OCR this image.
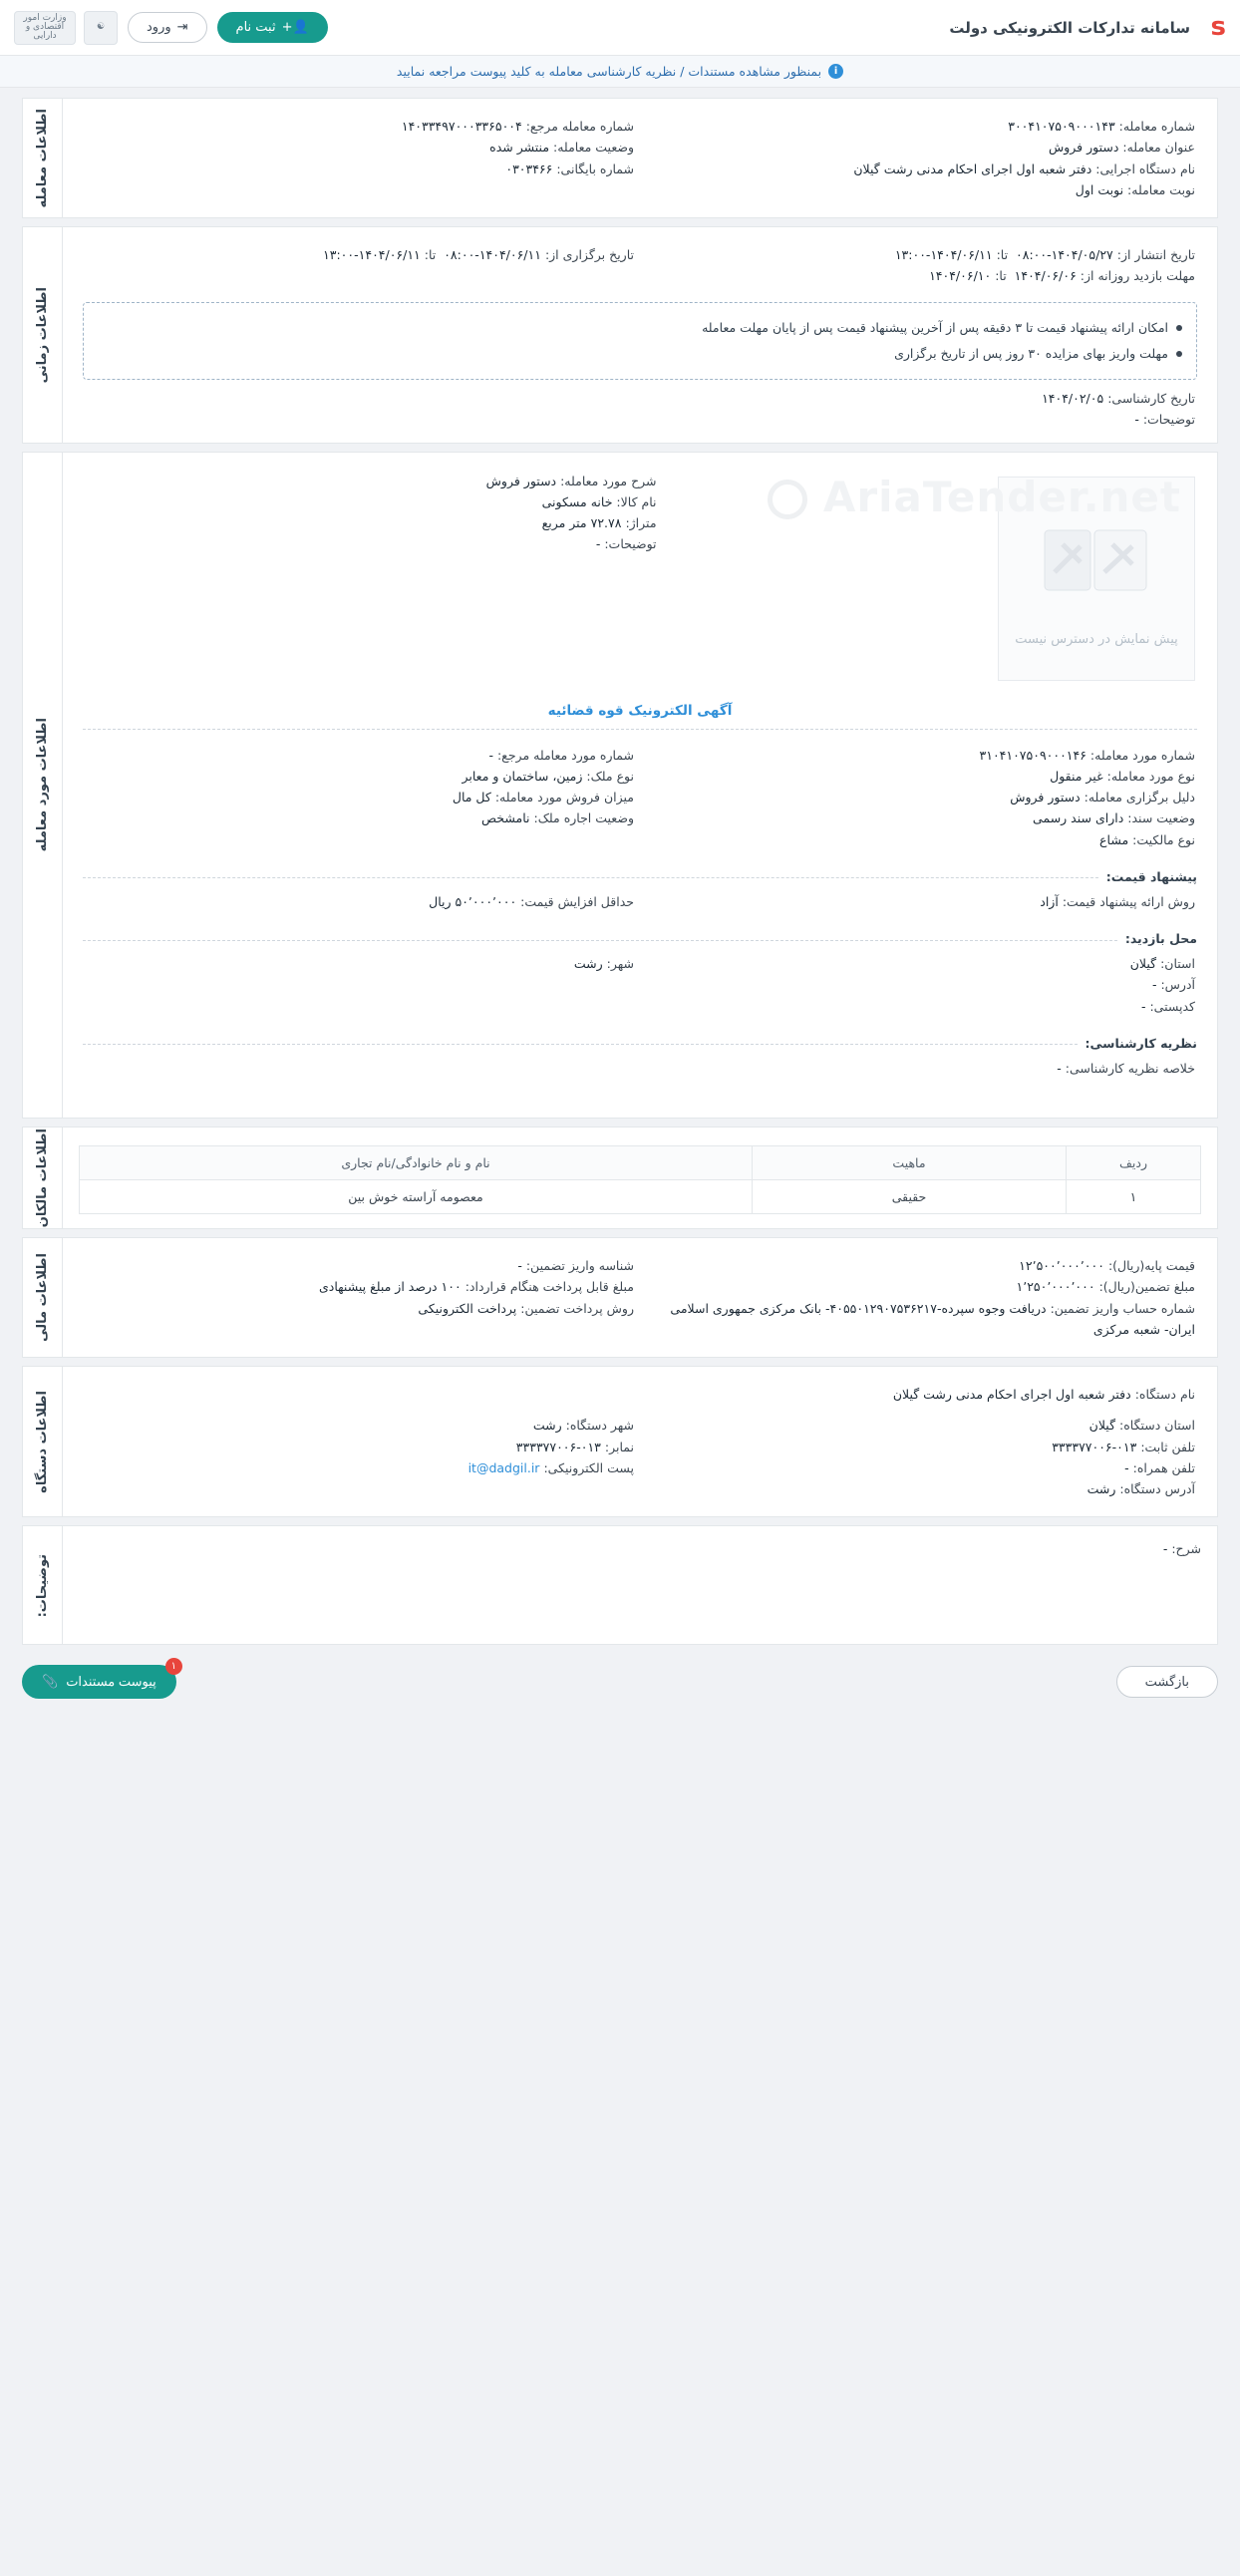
s
سامانه تدارکات الکترونیکی دولت
👤+
ثبت نام
⇥
ورود
☯
وزارت امور اقتصادی و دارایی
i
بمنظور مشاهده مستندات / نظریه کارشناسی معامله به کلید پیوست مراجعه نمایید
شماره معامله: ۳۰۰۴۱۰۷۵۰۹۰۰۰۱۴۳
عنوان معامله: دستور فروش
نام دستگاه اجرایی: دفتر شعبه اول اجرای احکام مدنی رشت گیلان
نوبت معامله: نوبت اول
شماره معامله مرجع: ۱۴۰۳۳۴۹۷۰۰۰۳۳۶۵۰۰۴
وضعیت معامله: منتشر شده
شماره بایگانی: ۰۳۰۳۴۶۶
اطلاعات معامله
تاریخ انتشار از: ۱۴۰۴/۰۵/۲۷-۰۸:۰۰  تا: ۱۴۰۴/۰۶/۱۱-۱۳:۰۰
مهلت بازدید روزانه از: ۱۴۰۴/۰۶/۰۶  تا: ۱۴۰۴/۰۶/۱۰
تاریخ برگزاری از: ۱۴۰۴/۰۶/۱۱-۰۸:۰۰  تا: ۱۴۰۴/۰۶/۱۱-۱۳:۰۰
امکان ارائه پیشنهاد قیمت تا ۳ دقیقه پس از آخرین پیشنهاد قیمت پس از پایان مهلت معامله
مهلت واریز بهای مزایده ۳۰ روز پس از تاریخ برگزاری
تاریخ کارشناسی: ۱۴۰۴/۰۲/۰۵
توضیحات: -
اطلاعات زمانی
AriaTender.net
پیش نمایش در دسترس نیست
شرح مورد معامله: دستور فروش
نام کالا: خانه مسکونی
متراژ: ۷۲.۷۸ متر مربع
توضیحات: -
آگهی الکترونیک قوه قضائیه
شماره مورد معامله: ۳۱۰۴۱۰۷۵۰۹۰۰۰۱۴۶
نوع مورد معامله: غیر منقول
دلیل برگزاری معامله: دستور فروش
وضعیت سند: دارای سند رسمی
نوع مالکیت: مشاع
شماره مورد معامله مرجع: -
نوع ملک: زمین، ساختمان و معابر
میزان فروش مورد معامله: کل مال
وضعیت اجاره ملک: نامشخص
پیشنهاد قیمت:
روش ارائه پیشنهاد قیمت: آزاد
حداقل افزایش قیمت: ۵۰٬۰۰۰٬۰۰۰ ریال
محل بازدید:
استان: گیلان
آدرس: -
کدپستی: -
شهر: رشت
نظریه کارشناسی:
خلاصه نظریه کارشناسی: -
اطلاعات مورد معامله
ردیف	ماهیت	نام و نام خانوادگی/نام تجاری
۱	حقیقی	معصومه آراسته خوش بین
اطلاعات مالکان
قیمت پایه(ریال): ۱۲٬۵۰۰٬۰۰۰٬۰۰۰
مبلغ تضمین(ریال): ۱٬۲۵۰٬۰۰۰٬۰۰۰
شماره حساب واریز تضمین: دریافت وجوه سپرده-۴۰۵۵۰۱۲۹۰۷۵۳۶۲۱۷- بانک مرکزی جمهوری اسلامی ایران- شعبه مرکزی
شناسه واریز تضمین: -
مبلغ قابل پرداخت هنگام قرارداد: ۱۰۰ درصد از مبلغ پیشنهادی
روش پرداخت تضمین: پرداخت الکترونیکی
اطلاعات مالی
نام دستگاه: دفتر شعبه اول اجرای احکام مدنی رشت گیلان
استان دستگاه: گیلان
تلفن ثابت: ۰۱۳-۳۳۳۳۷۷۰۰۶
تلفن همراه: -
آدرس دستگاه: رشت
شهر دستگاه: رشت
نمابر: ۰۱۳-۳۳۳۳۷۷۰۰۶
پست الکترونیکی: it@dadgil.ir
اطلاعات دستگاه
شرح: -
توضیحات:
بازگشت
۱
پیوست مستندات
📎
